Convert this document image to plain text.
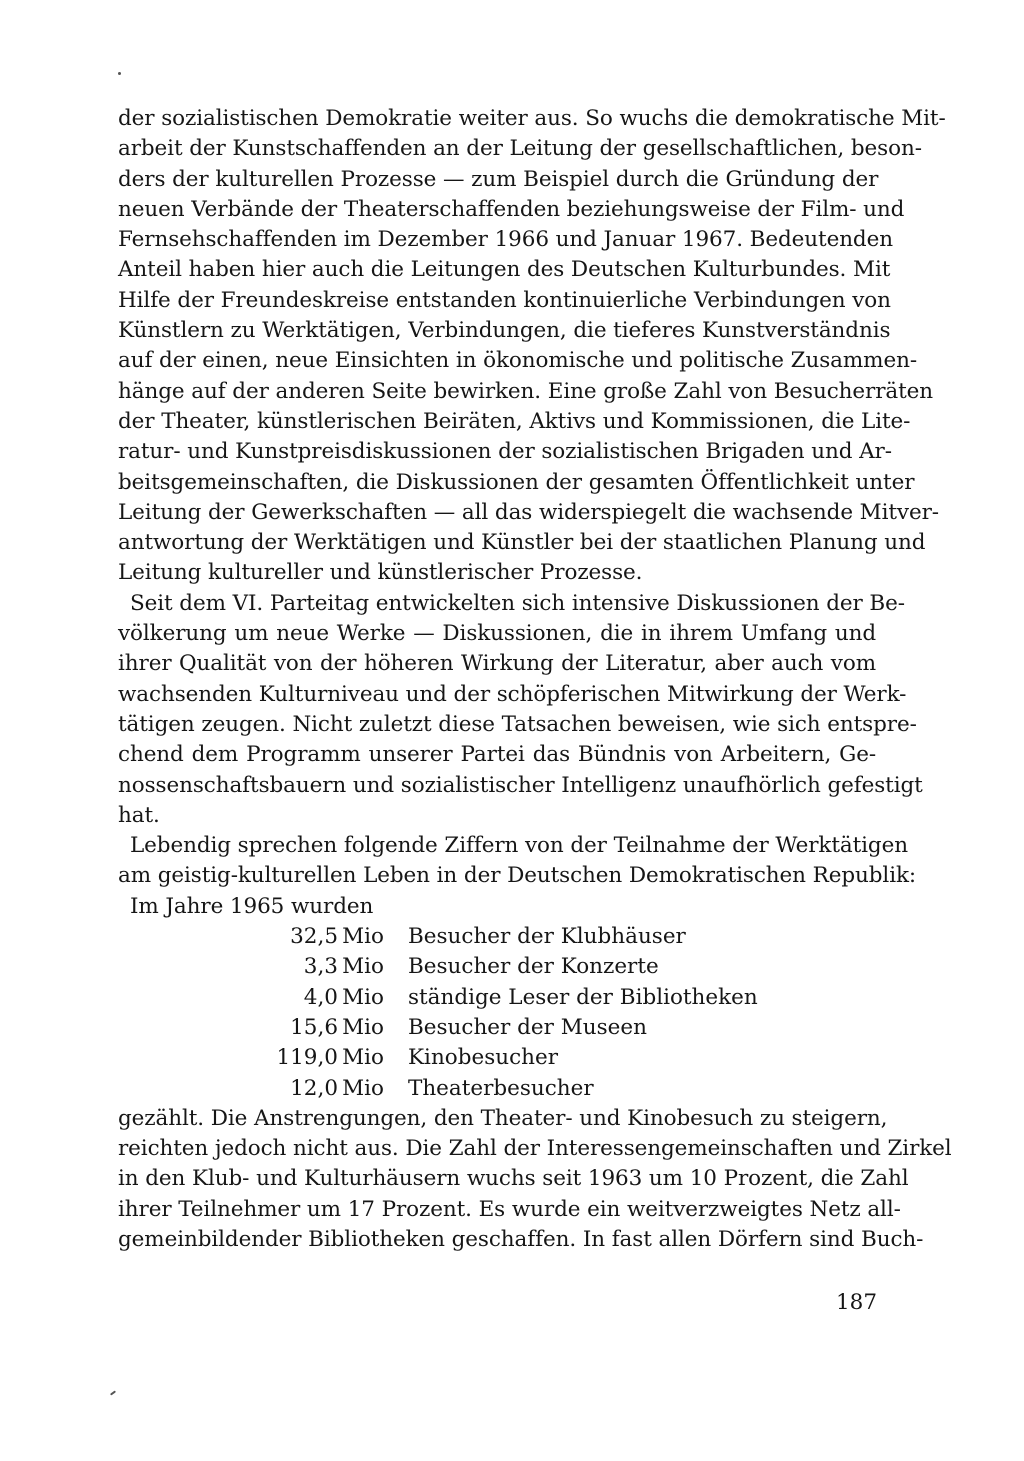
der sozialistischen Demokratie weiter aus. So wuchs die demokratische Mit-
arbeit der Kunstschaffenden an der Leitung der gesellschaftlichen, beson-
ders der kulturellen Prozesse — zum Beispiel durch die Gründung der
neuen Verbände der Theaterschaffenden beziehungsweise der Film- und
Fernsehschaffenden im Dezember 1966 und Januar 1967. Bedeutenden
Anteil haben hier auch die Leitungen des Deutschen Kulturbundes. Mit
Hilfe der Freundeskreise entstanden kontinuierliche Verbindungen von
Künstlern zu Werktätigen, Verbindungen, die tieferes Kunstverständnis
auf der einen, neue Einsichten in ökonomische und politische Zusammen-
hänge auf der anderen Seite bewirken. Eine große Zahl von Besucherräten
der Theater, künstlerischen Beiräten, Aktivs und Kommissionen, die Lite-
ratur- und Kunstpreisdiskussionen der sozialistischen Brigaden und Ar-
beitsgemeinschaften, die Diskussionen der gesamten Öffentlichkeit unter
Leitung der Gewerkschaften — all das widerspiegelt die wachsende Mitver-
antwortung der Werktätigen und Künstler bei der staatlichen Planung und
Leitung kultureller und künstlerischer Prozesse.
Seit dem VI. Parteitag entwickelten sich intensive Diskussionen der Be-
völkerung um neue Werke — Diskussionen, die in ihrem Umfang und
ihrer Qualität von der höheren Wirkung der Literatur, aber auch vom
wachsenden Kulturniveau und der schöpferischen Mitwirkung der Werk-
tätigen zeugen. Nicht zuletzt diese Tatsachen beweisen, wie sich entspre-
chend dem Programm unserer Partei das Bündnis von Arbeitern, Ge-
nossenschaftsbauern und sozialistischer Intelligenz unaufhörlich gefestigt
hat.
Lebendig sprechen folgende Ziffern von der Teilnahme der Werktätigen
am geistig-kulturellen Leben in der Deutschen Demokratischen Republik:
Im Jahre 1965 wurden
32,5 Mio Besucher der Klubhäuser
3,3 Mio Besucher der Konzerte
4,0 Mio ständige Leser der Bibliotheken
15,6 Mio Besucher der Museen
119,0 Mio Kinobesucher
12,0 Mio Theaterbesucher
gezählt. Die Anstrengungen, den Theater- und Kinobesuch zu steigern,
reichten jedoch nicht aus. Die Zahl der Interessengemeinschaften und Zirkel
in den Klub- und Kulturhäusern wuchs seit 1963 um 10 Prozent, die Zahl
ihrer Teilnehmer um 17 Prozent. Es wurde ein weitverzweigtes Netz all-
gemeinbildender Bibliotheken geschaffen. In fast allen Dörfern sind Buch-
187
